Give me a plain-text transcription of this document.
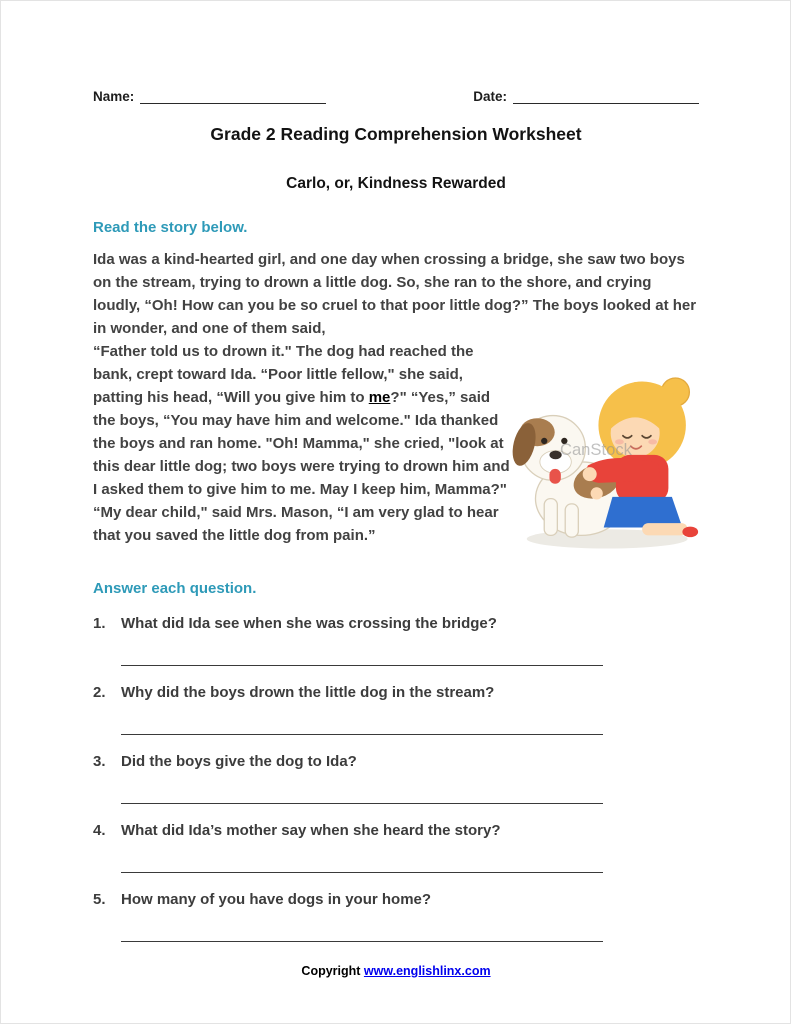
Name:	Date:
Grade 2 Reading Comprehension Worksheet
Carlo, or, Kindness Rewarded
Read the story below.

Ida was a kind-hearted girl, and one day when crossing a bridge, she saw two boys on the stream, trying to drown a little dog. So, she ran to the shore, and crying loudly, “Oh! How can you be so cruel to that poor little dog?” The boys looked at her in wonder, and one of them said,

“Father told us to drown it." The dog had reached the bank, crept toward Ida. “Poor little fellow," she said, patting his head, “Will you give him to me?" “Yes,” said the boys, “You may have him and welcome." Ida thanked the boys and ran home. "Oh! Mamma," she cried, "look at this dear little dog; two boys were trying to drown him and I asked them to give him to me. May I keep him, Mamma?" “My dear child," said Mrs. Mason, “I am very glad to hear that you saved the little dog from pain.”

CanStock
Answer each question.
1.	What did Ida see when she was crossing the bridge?
2.	Why did the boys drown the little dog in the stream?
3.	Did the boys give the dog to Ida?
4.	What did Ida’s mother say when she heard the story?
5.	How many of you have dogs in your home?
Copyright www.englishlinx.com
